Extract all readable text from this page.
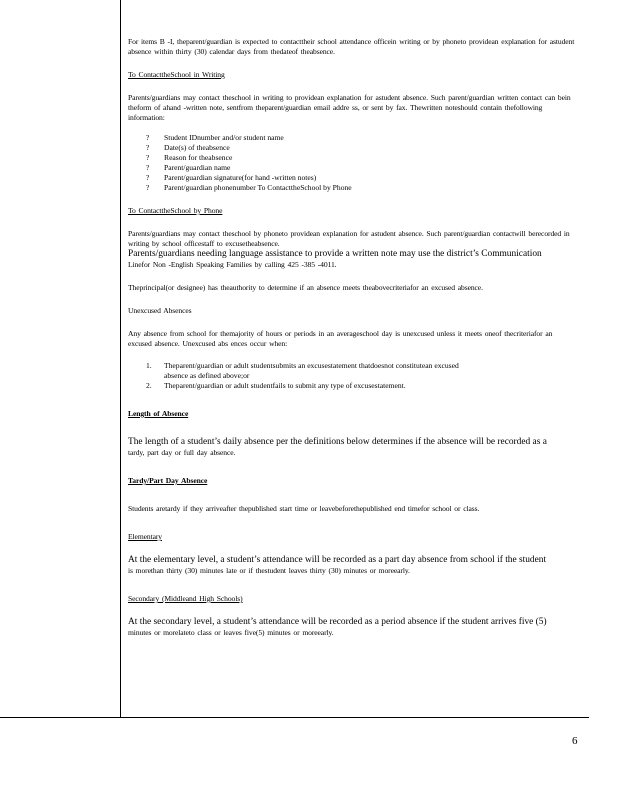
For items B -I, theparent/guardian is expected to contacttheir school attendance officein writing or by phoneto providean explanation for astudent absence within thirty (30) calendar days from thedateof theabsence.

To ContacttheSchool in Writing

Parents/guardians may contact theschool in writing to providean explanation for astudent absence. Such parent/guardian written contact can bein theform of ahand -written note, sentfrom theparent/guardian email addre ss, or sent by fax. Thewritten noteshould contain thefollowing information:

? Student IDnumber and/or student name
? Date(s) of theabsence
? Reason for theabsence
? Parent/guardian name
? Parent/guardian signature(for hand -written notes)
? Parent/guardian phonenumber To ContacttheSchool by Phone

To ContacttheSchool by Phone

Parents/guardians may contact theschool by phoneto providean explanation for astudent absence. Such parent/guardian contactwill berecorded in writing by school officestaff to excusetheabsence.

Parents/guardians needing language assistance to provide a written note may use the district’s Communication

Linefor Non -English Speaking Families by calling 425 -385 -4011.

Theprincipal(or designee) has theauthority to determine if an absence meets theabovecriteriafor an excused absence.

Unexcused Absences

Any absence from school for themajority of hours or periods in an averageschool day is unexcused unless it meets oneof thecriteriafor an excused absence. Unexcused abs ences occur when:

1. Theparent/guardian or adult studentsubmits an excusestatement thatdoesnot constitutean excused
absence as defined above;or
2. Theparent/guardian or adult studentfails to submit any type of excusestatement.

Length of Absence

The length of a student’s daily absence per the definitions below determines if the absence will be recorded as a

tardy, part day or full day absence.

Tardy/Part Day Absence

Students aretardy if they arriveafter thepublished start time or leavebeforethepublished end timefor school or class.

Elementary

At the elementary level, a student’s attendance will be recorded as a part day absence from school if the student

is morethan thirty (30) minutes late or if thestudent leaves thirty (30) minutes or moreearly.

Secondary (Middleand High Schools)

At the secondary level, a student’s attendance will be recorded as a period absence if the student arrives five (5)

minutes or morelateto class or leaves five(5) minutes or moreearly.

6
